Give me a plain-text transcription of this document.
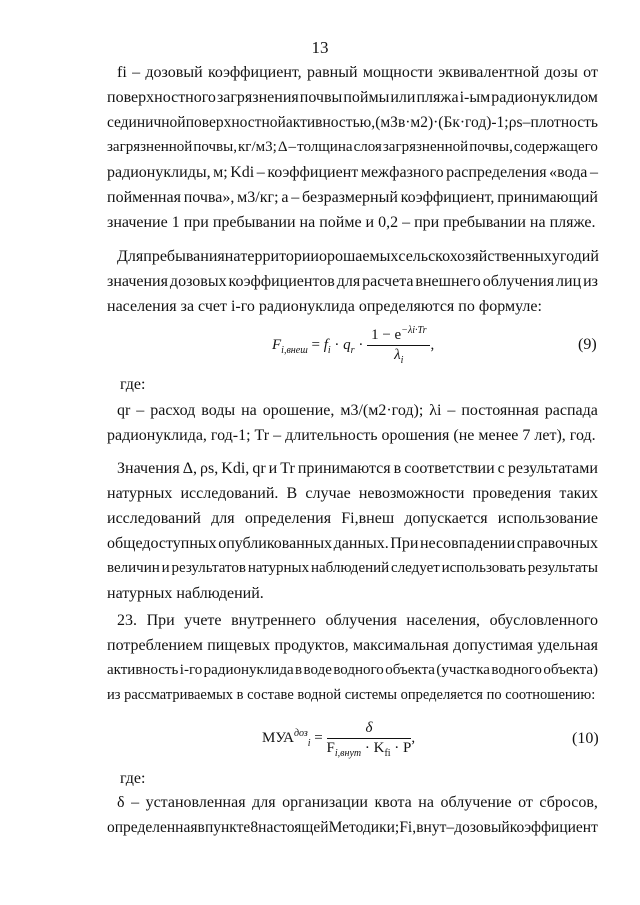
13
fi – дозовый коэффициент, равный мощности эквивалентной дозы от
поверхностного загрязнения почвы поймы или пляжа i-ым радионуклидом
с единичной поверхностной активностью, (мЗв·м2)·(Бк·год)-1; ρs – плотность
загрязненной почвы, кг/м3; Δ – толщина слоя загрязненной почвы, содержащего
радионуклиды, м; Kdi – коэффициент межфазного распределения «вода –
пойменная почва», м3/кг; a – безразмерный коэффициент, принимающий
значение 1 при пребывании на пойме и 0,2 – при пребывании на пляже.
Для пребывания на территории орошаемых сельскохозяйственных угодий
значения дозовых коэффициентов для расчета внешнего облучения лиц из
населения за счет i-го радионуклида определяются по формуле:
$F_{i,внеш} = f_i \cdot q_r \cdot \frac{1 - e^{-\lambda i\cdot Tr}}{\lambda_i}$ ,	(9)
где:
qr – расход воды на орошение, м3/(м2·год); λi – постоянная распада
радионуклида, год-1; Tr – длительность орошения (не менее 7 лет), год.
Значения Δ, ρs, Kdi, qr и Tr принимаются в соответствии с результатами
натурных исследований. В случае невозможности проведения таких
исследований для определения Fi,внеш допускается использование
общедоступных опубликованных данных. При несовпадении справочных
величин и результатов натурных наблюдений следует использовать результаты
натурных наблюдений.
23. При учете внутреннего облучения населения, обусловленного
потреблением пищевых продуктов, максимальная допустимая удельная
активность i-го радионуклида в воде водного объекта (участка водного объекта)
из рассматриваемых в составе водной системы определяется по соотношению:
$МУА^{доз}_i = \frac{\delta}{F_{i,внут} \cdot K_{fi} \cdot P}$ ,	(10)
где:
δ – установленная для организации квота на облучение от сбросов,
определенная в пункте 8 настоящей Методики; Fi, внут – дозовый коэффициент
